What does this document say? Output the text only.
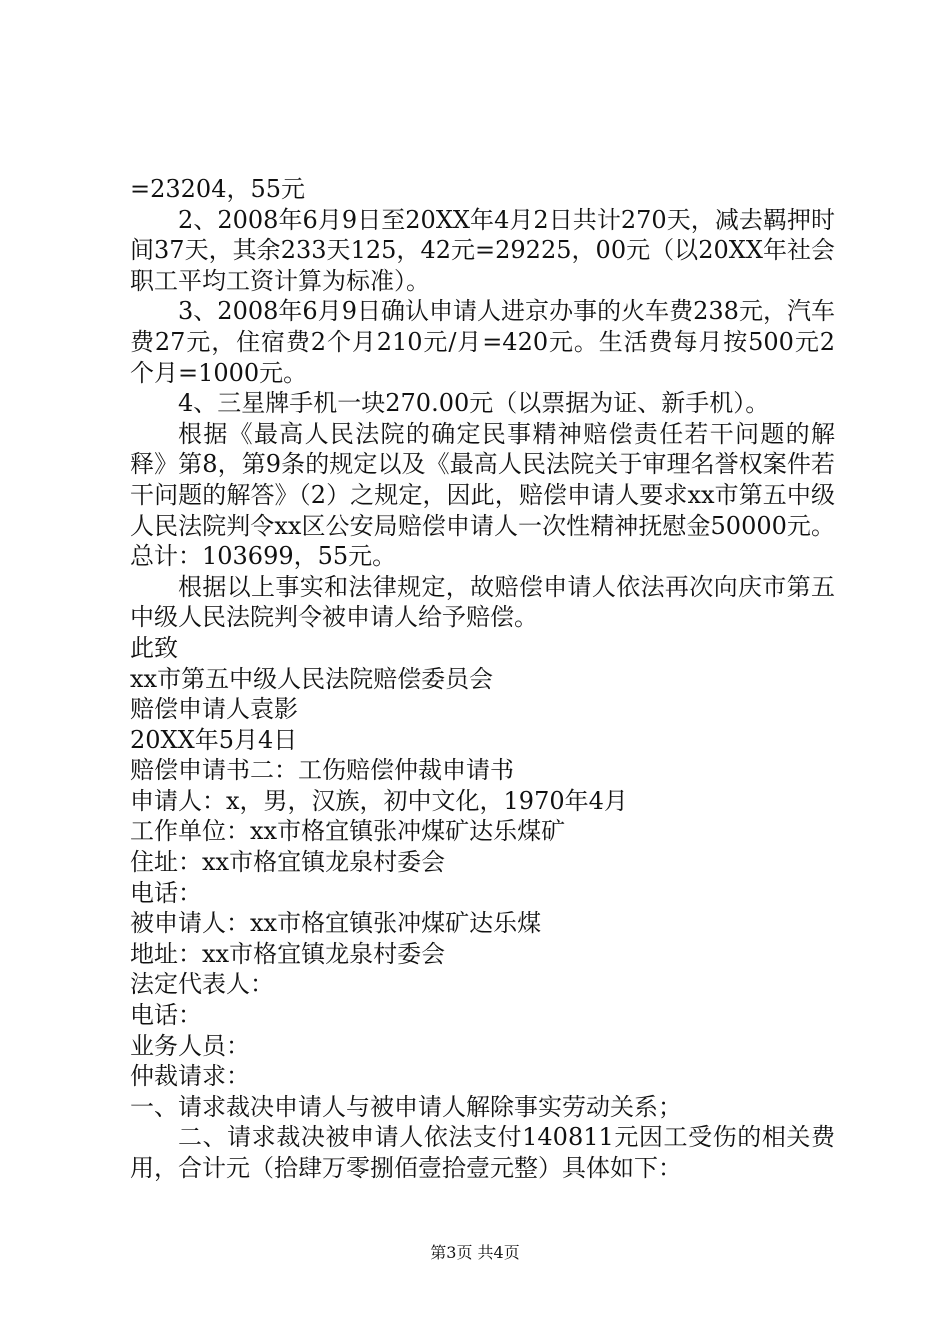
=23204，55元

2、2008年6月9日至20XX年4月2日共计270天，减去羁押时间37天，其余233天125，42元=29225，00元（以20XX年社会职工平均工资计算为标准）。

3、2008年6月9日确认申请人进京办事的火车费238元，汽车费27元，住宿费2个月210元/月=420元。生活费每月按500元2个月=1000元。

4、三星牌手机一块270.00元（以票据为证、新手机）。

根据《最高人民法院的确定民事精神赔偿责任若干问题的解释》第8，第9条的规定以及《最高人民法院关于审理名誉权案件若干问题的解答》（2）之规定，因此，赔偿申请人要求xx市第五中级人民法院判令xx区公安局赔偿申请人一次性精神抚慰金50000元。总计：103699，55元。

根据以上事实和法律规定，故赔偿申请人依法再次向庆市第五中级人民法院判令被申请人给予赔偿。

此致

xx市第五中级人民法院赔偿委员会

赔偿申请人袁影

20XX年5月4日

赔偿申请书二：工伤赔偿仲裁申请书

申请人：x，男，汉族，初中文化，1970年4月

工作单位：xx市格宜镇张冲煤矿达乐煤矿

住址：xx市格宜镇龙泉村委会

电话：

被申请人：xx市格宜镇张冲煤矿达乐煤

地址：xx市格宜镇龙泉村委会

法定代表人：

电话：

业务人员：

仲裁请求：

一、请求裁决申请人与被申请人解除事实劳动关系；

二、请求裁决被申请人依法支付140811元因工受伤的相关费用，合计元（拾肆万零捌佰壹拾壹元整）具体如下：

第3页 共4页
